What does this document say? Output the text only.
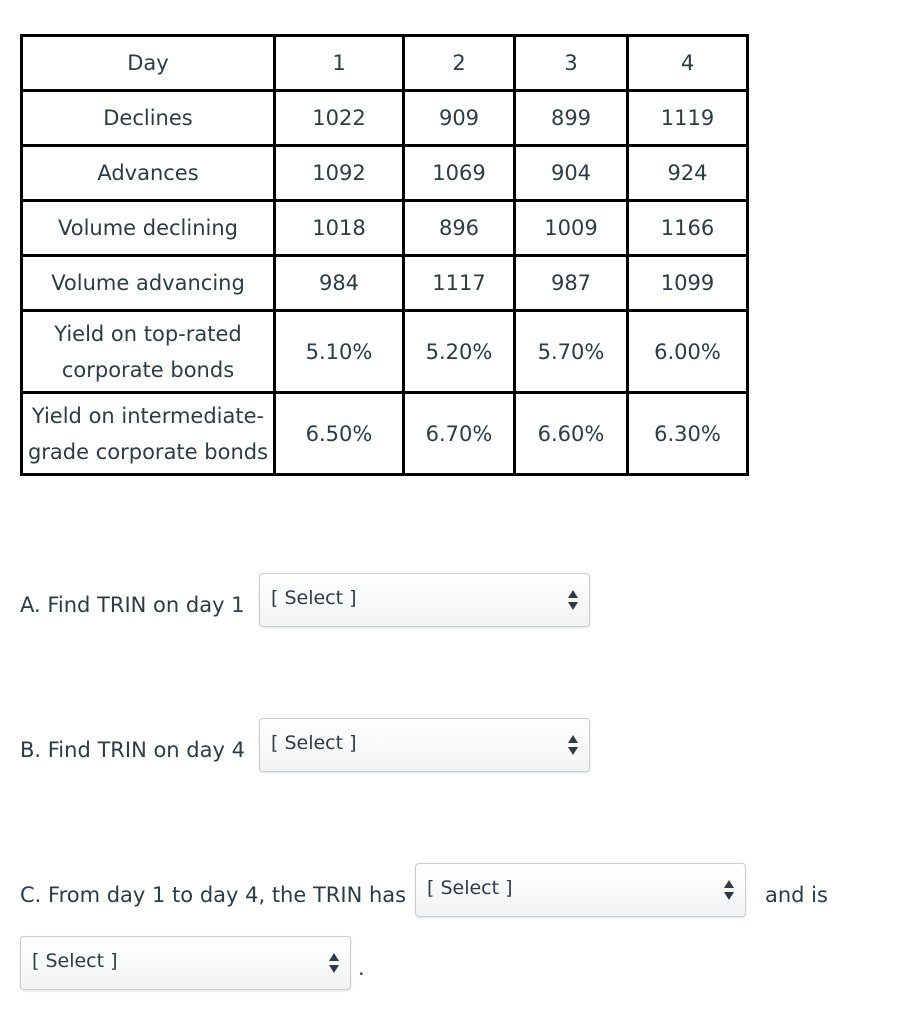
Day	1	2	3	4
Declines	1022	909	899	1119
Advances	1092	1069	904	924
Volume declining	1018	896	1009	1166
Volume advancing	984	1117	987	1099
Yield on top-rated
corporate bonds	5.10%	5.20%	5.70%	6.00%
Yield on intermediate-
grade corporate bonds	6.50%	6.70%	6.60%	6.30%
A. Find TRIN on day 1 [ Select ]
B. Find TRIN on day 4 [ Select ]
C. From day 1 to day 4, the TRIN has [ Select ]	and is
[ Select ]	.
